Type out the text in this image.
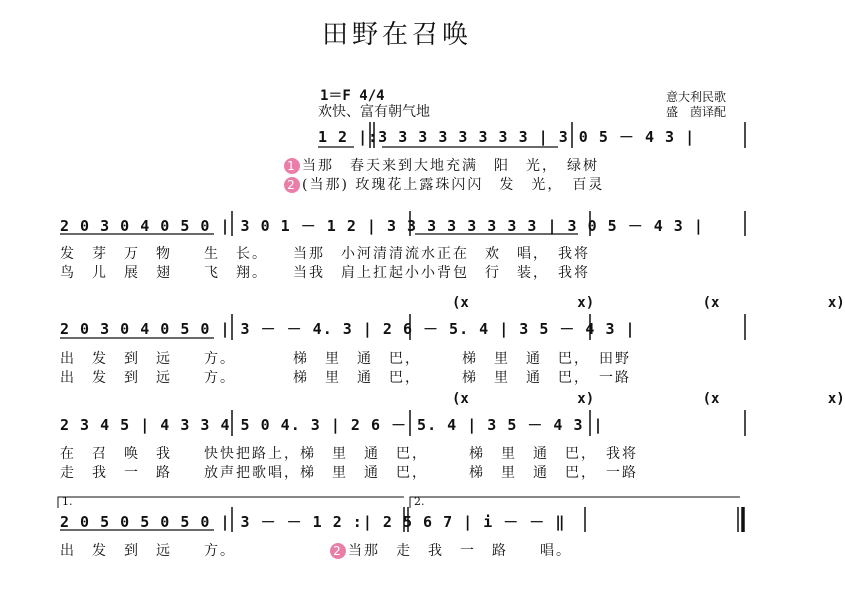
田野在召唤
1＝F 4/4
欢快、富有朝气地
意大利民歌
盛　茵译配
1 2 |:3 3 3 3 3 3 3 3 | 3 0 5 － 4 3 |
1 当那　春天来到大地充满　阳　光，　绿树
2 (当那) 玫瑰花上露珠闪闪　发　光，　百灵
2 0 3 0 4 0 5 0 | 3 0 1 － 1 2 | 3 3 3 3 3 3 3 3 | 3 0 5 － 4 3 |
发　芽　万　物　　生　长。　　当那　小河清清流水正在　欢　唱，　我将
鸟　儿　展　翅　　飞　翔。　　当我　肩上扛起小小背包　行　装，　我将
(x x) (x x)
2 0 3 0 4 0 5 0 | 3 － － 4. 3 | 2 6 － 5. 4 | 3 5 － 4 3 |
出　发　到　远　　方。　　　　梯　里　通　巴，　　　梯　里　通　巴，　田野
出　发　到　远　　方。　　　　梯　里　通　巴，　　　梯　里　通　巴，　一路
(x x) (x x)
2 3 4 5 | 4 3 3 4 5 0 4. 3 | 2 6 － 5. 4 | 3 5 － 4 3 |
在　召　唤　我　　快快把路上，梯　里　通　巴，　　　梯　里　通　巴，　我将
走　我　一　路　　放声把歌唱，梯　里　通　巴，　　　梯　里　通　巴，　一路
1.	2.
2 0 5 0 5 0 5 0 | 3 － － 1 2 :| 2 5 6 7 | i － － ‖
出　发　到　远　　方。	2 当那　走　我　一　路　　唱。
